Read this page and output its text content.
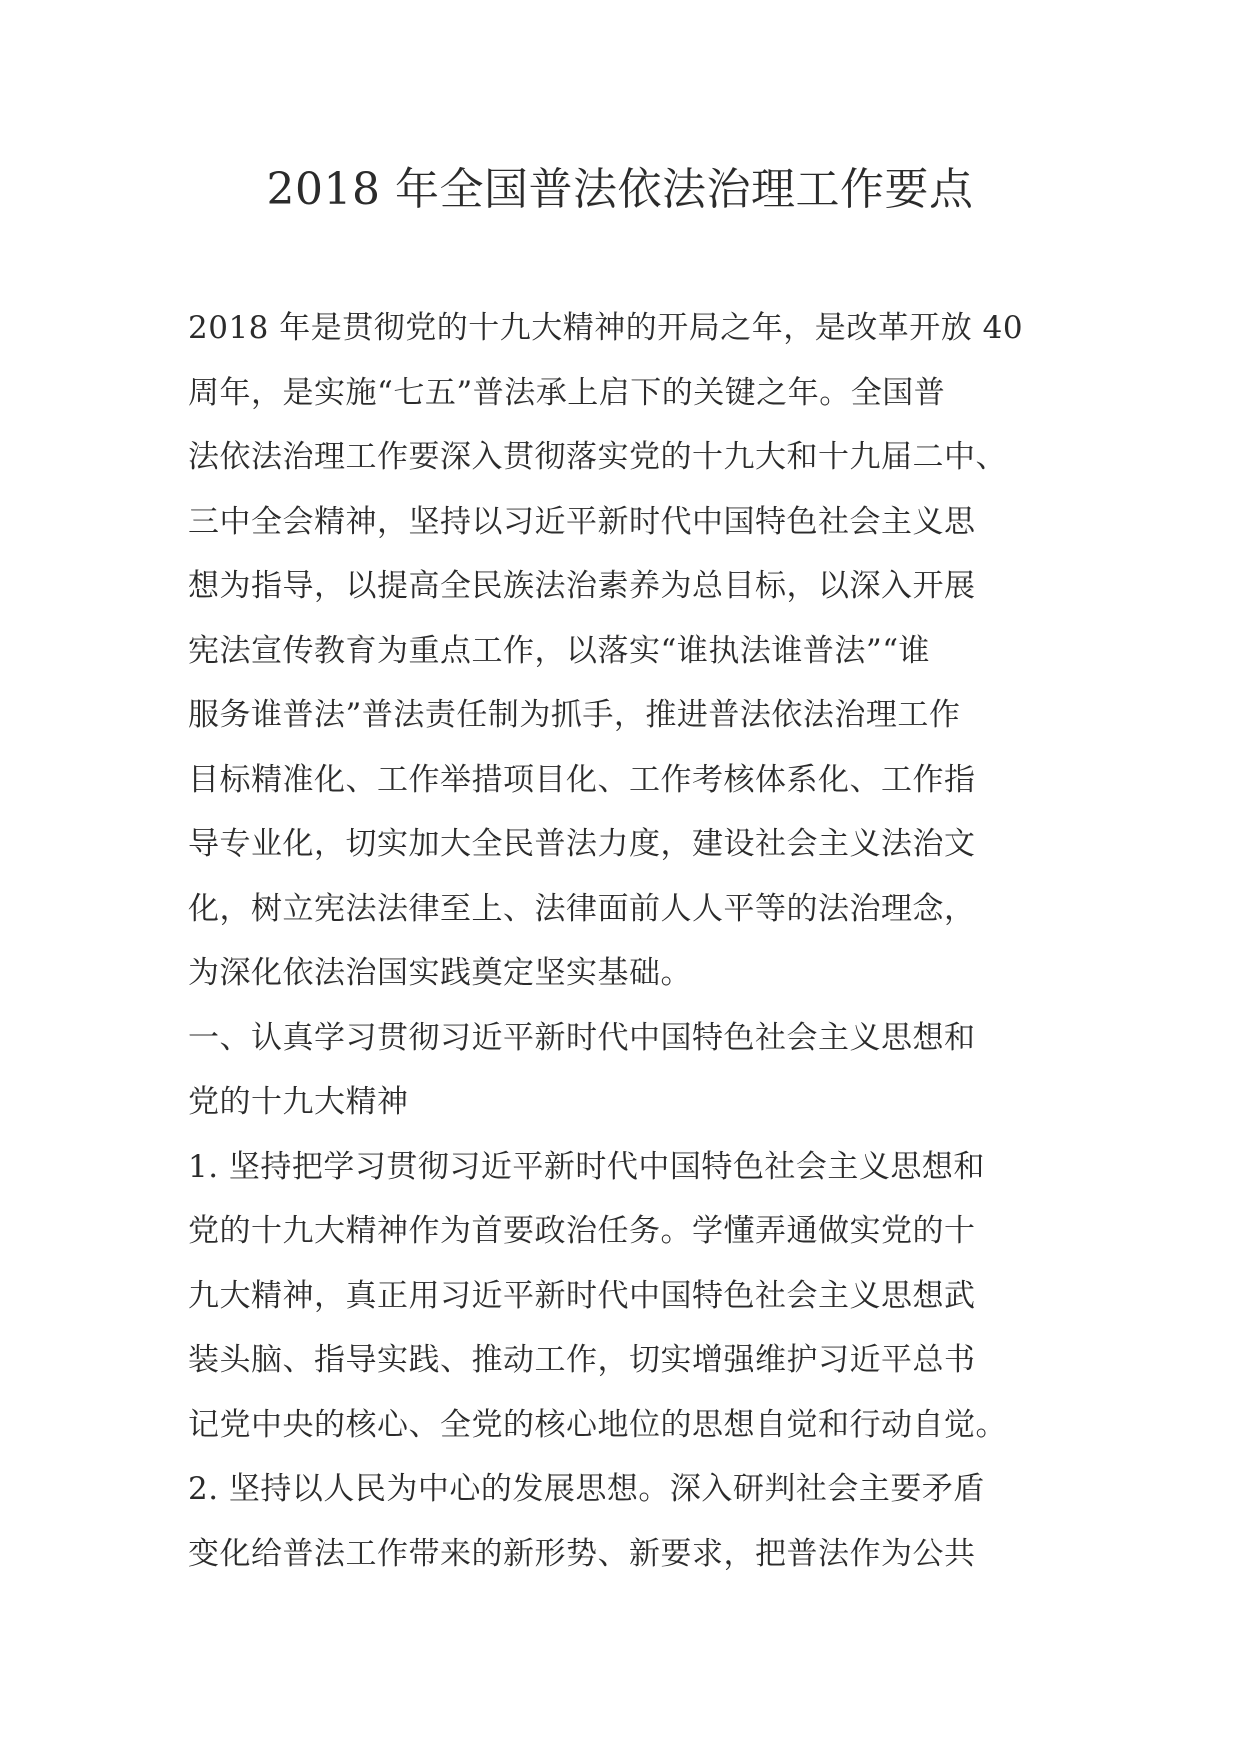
2018 年全国普法依法治理工作要点

2018 年是贯彻党的十九大精神的开局之年，是改革开放 40
周年，是实施“七五”普法承上启下的关键之年。全国普
法依法治理工作要深入贯彻落实党的十九大和十九届二中、
三中全会精神，坚持以习近平新时代中国特色社会主义思
想为指导，以提高全民族法治素养为总目标，以深入开展
宪法宣传教育为重点工作，以落实“谁执法谁普法”“谁
服务谁普法”普法责任制为抓手，推进普法依法治理工作
目标精准化、工作举措项目化、工作考核体系化、工作指
导专业化，切实加大全民普法力度，建设社会主义法治文
化，树立宪法法律至上、法律面前人人平等的法治理念，
为深化依法治国实践奠定坚实基础。

一、认真学习贯彻习近平新时代中国特色社会主义思想和
党的十九大精神

1. 坚持把学习贯彻习近平新时代中国特色社会主义思想和
党的十九大精神作为首要政治任务。学懂弄通做实党的十
九大精神，真正用习近平新时代中国特色社会主义思想武
装头脑、指导实践、推动工作，切实增强维护习近平总书
记党中央的核心、全党的核心地位的思想自觉和行动自觉。

2. 坚持以人民为中心的发展思想。深入研判社会主要矛盾
变化给普法工作带来的新形势、新要求，把普法作为公共
